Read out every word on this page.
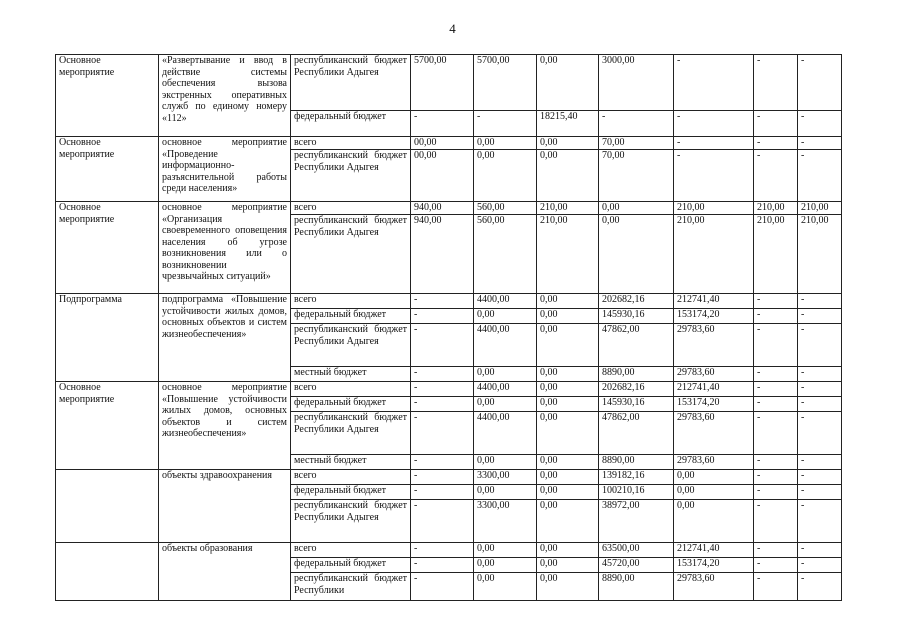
4
Основное мероприятие	«Развертывание и ввод в действие системы обеспечения вызова экстренных оперативных служб по единому номеру «112»	республиканский бюджет Республики Адыгея	5700,00	5700,00	0,00	3000,00	-	-	-
		федеральный бюджет	-	-	18215,40	-	-	-	-
Основное мероприятие	основное мероприятие «Проведение информационно-разъяснительной работы среди населения»	всего	00,00	0,00	0,00	70,00	-	-	-
		республиканский бюджет Республики Адыгея	00,00	0,00	0,00	70,00	-	-	-
Основное мероприятие	основное мероприятие «Организация своевременного оповещения населения об угрозе возникновения или о возникновении чрезвычайных ситуаций»	всего	940,00	560,00	210,00	0,00	210,00	210,00	210,00
		республиканский бюджет Республики Адыгея	940,00	560,00	210,00	0,00	210,00	210,00	210,00
Подпрограмма	подпрограмма «Повышение устойчивости жилых домов, основных объектов и систем жизнеобеспечения»	всего	-	4400,00	0,00	202682,16	212741,40	-	-
		федеральный бюджет	-	0,00	0,00	145930,16	153174,20	-	-
		республиканский бюджет Республики Адыгея	-	4400,00	0,00	47862,00	29783,60	-	-
		местный бюджет	-	0,00	0,00	8890,00	29783,60	-	-
Основное мероприятие	основное мероприятие «Повышение устойчивости жилых домов, основных объектов и систем жизнеобеспечения»	всего	-	4400,00	0,00	202682,16	212741,40	-	-
		федеральный бюджет	-	0,00	0,00	145930,16	153174,20	-	-
		республиканский бюджет Республики Адыгея	-	4400,00	0,00	47862,00	29783,60	-	-
		местный бюджет	-	0,00	0,00	8890,00	29783,60	-	-
	объекты здравоохранения	всего	-	3300,00	0,00	139182,16	0,00	-	-
		федеральный бюджет	-	0,00	0,00	100210,16	0,00	-	-
		республиканский бюджет Республики Адыгея	-	3300,00	0,00	38972,00	0,00	-	-
	объекты образования	всего	-	0,00	0,00	63500,00	212741,40	-	-
		федеральный бюджет	-	0,00	0,00	45720,00	153174,20	-	-
		республиканский бюджет Республики	-	0,00	0,00	8890,00	29783,60	-	-
